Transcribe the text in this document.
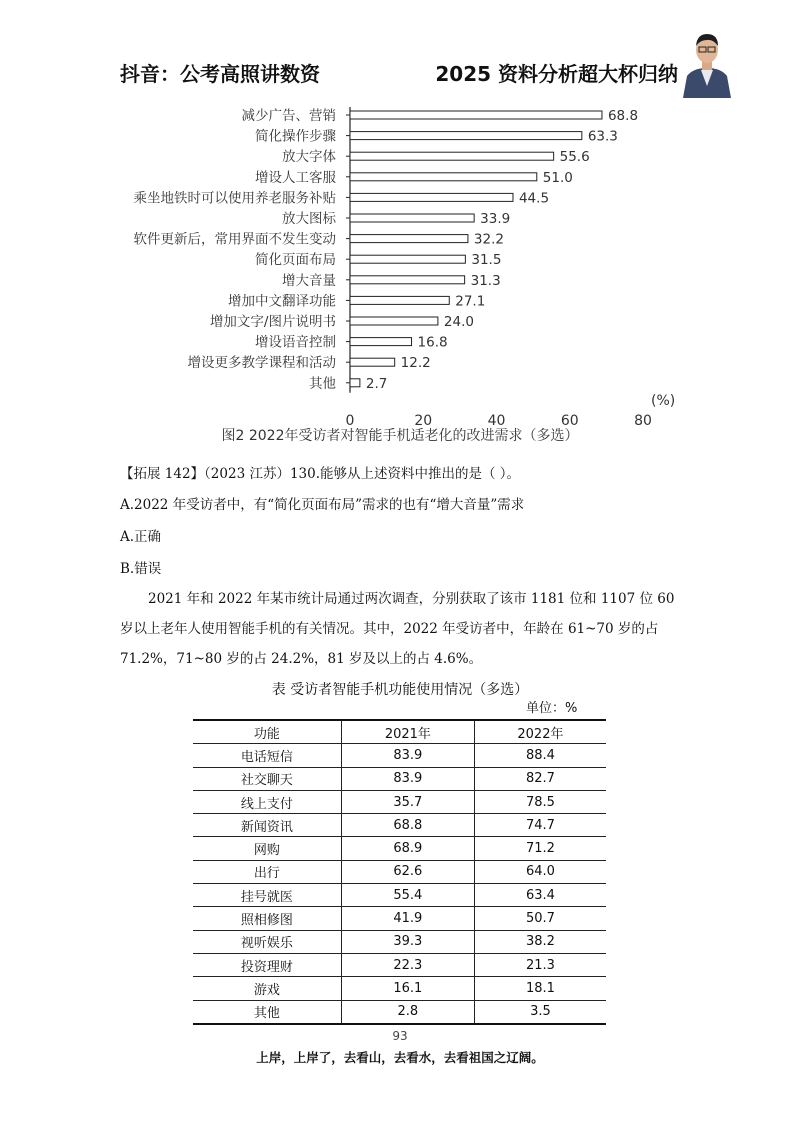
抖音：公考高照讲数资	2025 资料分析超大杯归纳
减少广告、营销	68.8
简化操作步骤	63.3
放大字体	55.6
增设人工客服	51.0
乘坐地铁时可以使用养老服务补贴	44.5
放大图标	33.9
软件更新后，常用界面不发生变动	32.2
简化页面布局	31.5
增大音量	31.3
增加中文翻译功能	27.1
增加文字/图片说明书	24.0
增设语音控制	16.8
增设更多教学课程和活动	12.2
其他 2.7
0	20	40	60	80
(%)
图2 2022年受访者对智能手机适老化的改进需求（多选）
【拓展 142】（2023 江苏）130.能够从上述资料中推出的是（ ）。
A.2022 年受访者中，有“简化页面布局”需求的也有“增大音量”需求
A.正确
B.错误
2021 年和 2022 年某市统计局通过两次调查，分别获取了该市 1181 位和 1107 位 60 岁以上老年人使用智能手机的有关情况。其中，2022 年受访者中，年龄在 61~70 岁的占 71.2%，71~80 岁的占 24.2%，81 岁及以上的占 4.6%。
表 受访者智能手机功能使用情况（多选）
单位：%
功能	2021年	2022年
电话短信	83.9	88.4
社交聊天	83.9	82.7
线上支付	35.7	78.5
新闻资讯	68.8	74.7
网购	68.9	71.2
出行	62.6	64.0
挂号就医	55.4	63.4
照相修图	41.9	50.7
视听娱乐	39.3	38.2
投资理财	22.3	21.3
游戏	16.1	18.1
其他	2.8	3.5
93
上岸，上岸了，去看山，去看水，去看祖国之辽阔。
